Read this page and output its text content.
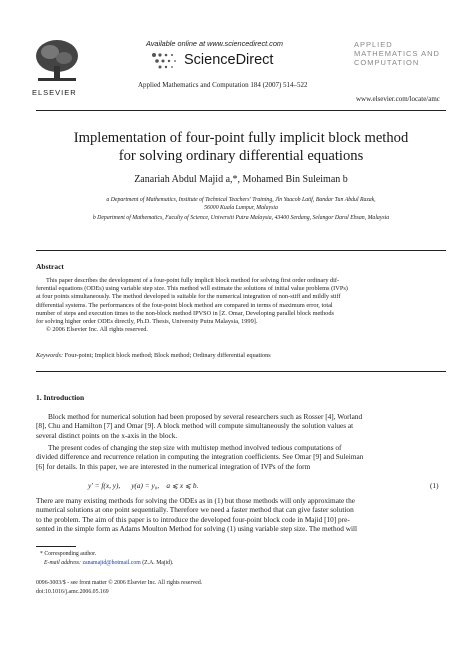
ELSEVIER
Available online at www.sciencedirect.com
ScienceDirect
Applied Mathematics and Computation 184 (2007) 514–522
APPLIED MATHEMATICS AND COMPUTATION
www.elsevier.com/locate/amc
Implementation of four-point fully implicit block method
for solving ordinary differential equations
Zanariah Abdul Majid a,*, Mohamed Bin Suleiman b
a Department of Mathematics, Institute of Technical Teachers' Training, Jln Yaacob Latif, Bandar Tun Abdul Razak,
56000 Kuala Lumpur, Malaysia
b Department of Mathematics, Faculty of Science, Universiti Putra Malaysia, 43400 Serdang, Selangor Darul Ehsan, Malaysia
Abstract
This paper describes the development of a four-point fully implicit block method for solving first order ordinary dif-
ferential equations (ODEs) using variable step size. This method will estimate the solutions of initial value problems (IVPs)
at four points simultaneously. The method developed is suitable for the numerical integration of non-stiff and mildly stiff
differential systems. The performances of the four-point block method are compared in terms of maximum error, total
number of steps and execution times to the non-block method IPVSO in [Z. Omar, Developing parallel block methods
for solving higher order ODEs directly, Ph.D. Thesis, University Putra Malaysia, 1999].
© 2006 Elsevier Inc. All rights reserved.
Keywords: Four-point; Implicit block method; Block method; Ordinary differential equations
1. Introduction
Block method for numerical solution had been proposed by several researchers such as Rosser [4], Worland
[8], Chu and Hamilton [7] and Omar [9]. A block method will compute simultaneously the solution values at
several distinct points on the x-axis in the block.
The present codes of changing the step size with multistep method involved tedious computations of
divided difference and recurrence relation in computing the integration coefficients. See Omar [9] and Suleiman
[6] for details. In this paper, we are interested in the numerical integration of IVPs of the form
y′ = f(x, y),      y(a) = y₀,    a ⩽ x ⩽ b.	(1)
There are many existing methods for solving the ODEs as in (1) but those methods will only approximate the
numerical solutions at one point sequentially. Therefore we need a faster method that can give faster solution
to the problem. The aim of this paper is to introduce the developed four-point block code in Majid [10] pre-
sented in the simple form as Adams Moulton Method for solving (1) using variable step size. The method will
* Corresponding author.
E-mail address: zanamajid@hotmail.com (Z.A. Majid).
0096-3003/$ - see front matter © 2006 Elsevier Inc. All rights reserved.
doi:10.1016/j.amc.2006.05.169
